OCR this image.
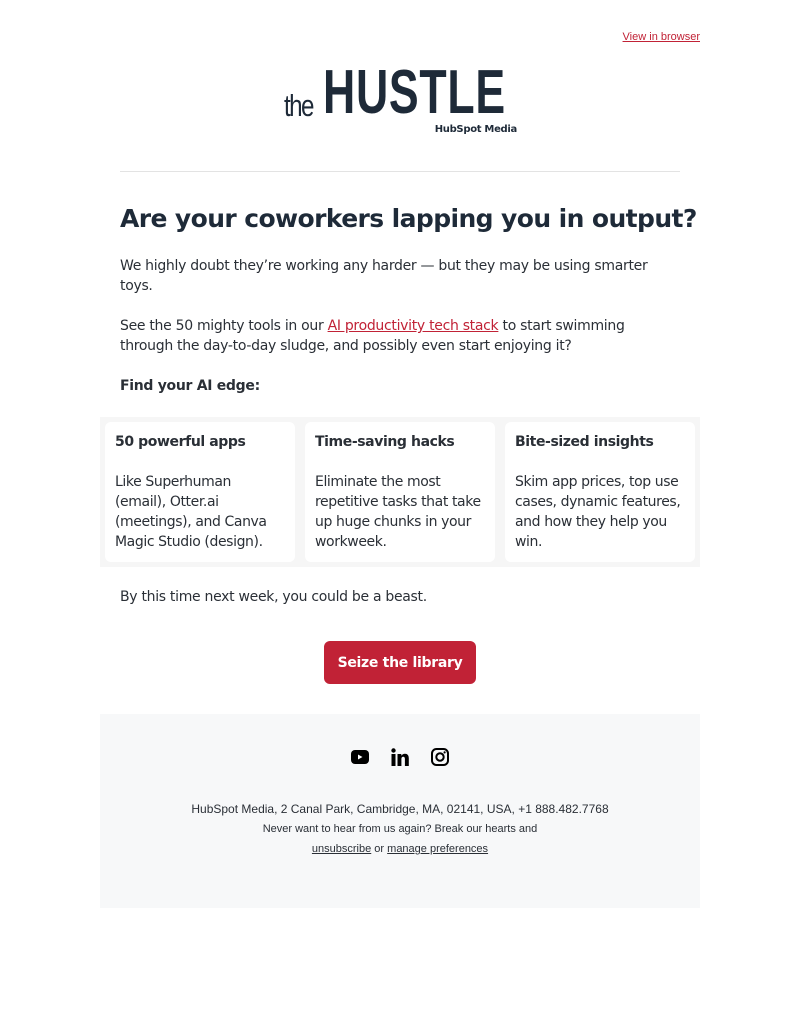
View in browser
the HUSTLE
HubSpot Media
Are your coworkers lapping you in output?

We highly doubt they’re working any harder — but they may be using smarter toys.

See the 50 mighty tools in our AI productivity tech stack to start swimming through the day-to-day sludge, and possibly even start enjoying it?

Find your AI edge:

50 powerful apps
Like Superhuman (email), Otter.ai (meetings), and Canva Magic Studio (design).
Time-saving hacks
Eliminate the most repetitive tasks that take up huge chunks in your workweek.
Bite-sized insights
Skim app prices, top use cases, dynamic features, and how they help you win.

By this time next week, you could be a beast.

Seize the library
HubSpot Media, 2 Canal Park, Cambridge, MA, 02141, USA, +1 888.482.7768
Never want to hear from us again? Break our hearts and
unsubscribe or manage preferences
